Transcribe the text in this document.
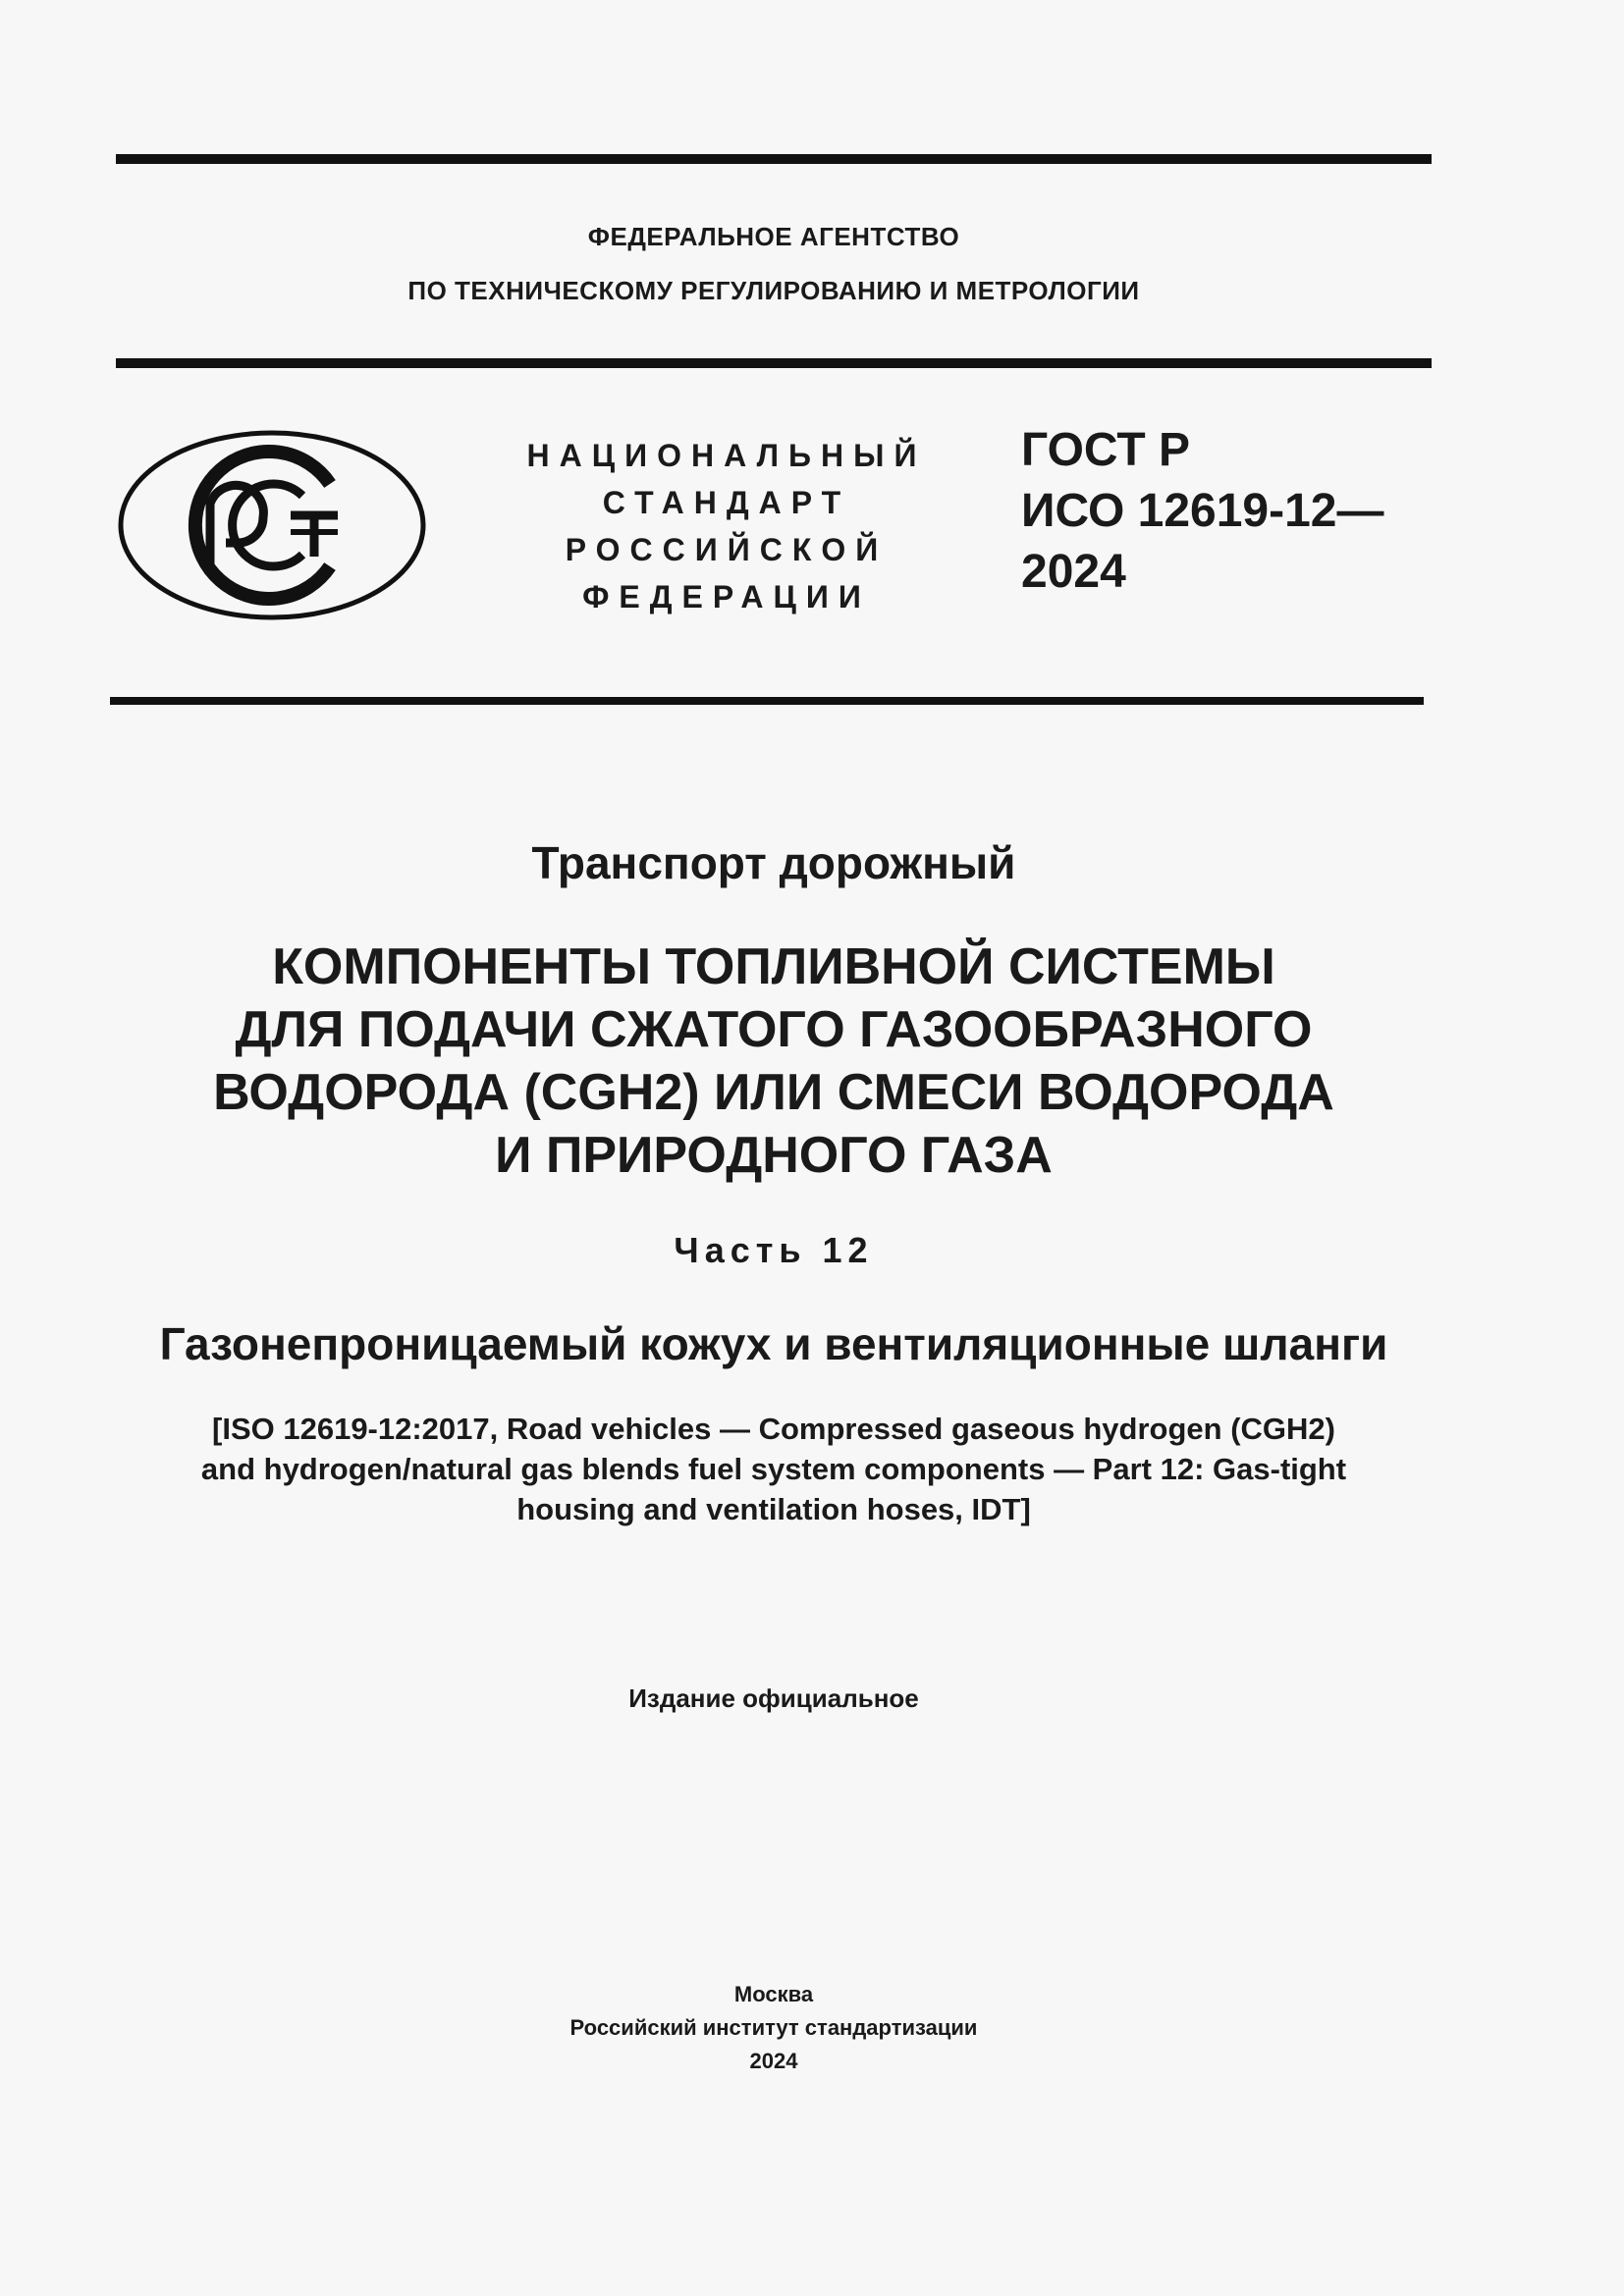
ФЕДЕРАЛЬНОЕ АГЕНТСТВО
ПО ТЕХНИЧЕСКОМУ РЕГУЛИРОВАНИЮ И МЕТРОЛОГИИ
НАЦИОНАЛЬНЫЙ
СТАНДАРТ
РОССИЙСКОЙ
ФЕДЕРАЦИИ
ГОСТ Р
ИСО 12619-12—
2024
Транспорт дорожный
КОМПОНЕНТЫ ТОПЛИВНОЙ СИСТЕМЫ
ДЛЯ ПОДАЧИ СЖАТОГО ГАЗООБРАЗНОГО
ВОДОРОДА (CGH2) ИЛИ СМЕСИ ВОДОРОДА
И ПРИРОДНОГО ГАЗА
Часть 12
Газонепроницаемый кожух и вентиляционные шланги
[ISO 12619-12:2017, Road vehicles — Compressed gaseous hydrogen (CGH2)
and hydrogen/natural gas blends fuel system components — Part 12: Gas-tight
housing and ventilation hoses, IDT]
Издание официальное
Москва
Российский институт стандартизации
2024
